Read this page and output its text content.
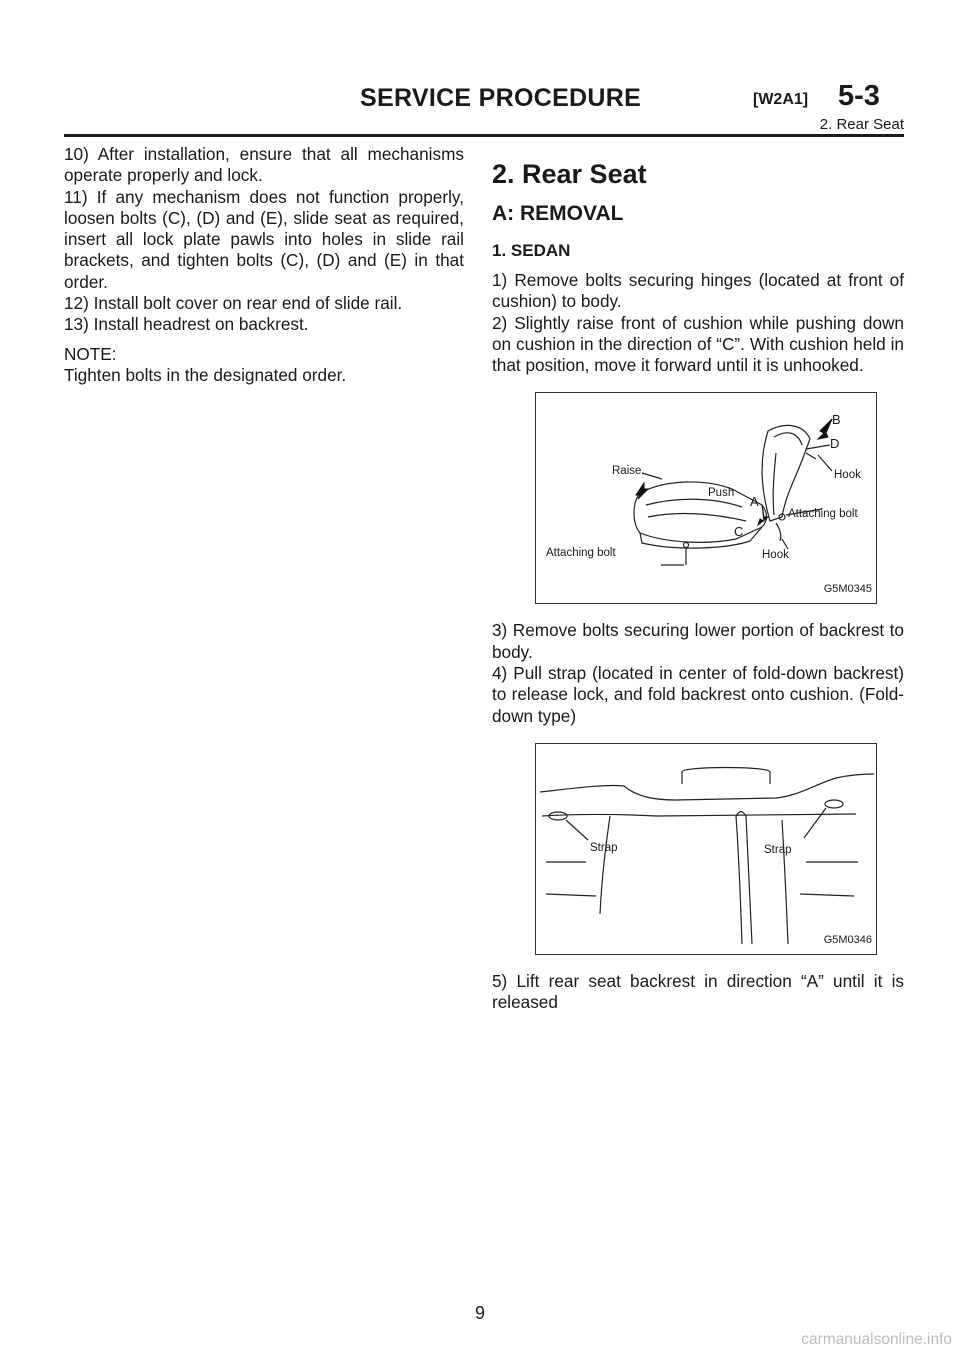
SERVICE PROCEDURE	[W2A1] 5-3
2. Rear Seat

10) After installation, ensure that all mechanisms operate properly and lock.

11) If any mechanism does not function properly, loosen bolts (C), (D) and (E), slide seat as required, insert all lock plate pawls into holes in slide rail brackets, and tighten bolts (C), (D) and (E) in that order.

12) Install bolt cover on rear end of slide rail.

13) Install headrest on backrest.

NOTE:

Tighten bolts in the designated order.

2. Rear Seat
A: REMOVAL
1. SEDAN

1) Remove bolts securing hinges (located at front of cushion) to body.

2) Slightly raise front of cushion while pushing down on cushion in the direction of “C”. With cushion held in that position, move it forward until it is unhooked.

B
D
Hook
Raise
Push
A
Attaching bolt
C
Attaching bolt	Hook
G5M0345

3) Remove bolts securing lower portion of backrest to body.

4) Pull strap (located in center of fold-down backrest) to release lock, and fold backrest onto cushion. (Fold-down type)

Strap	Strap
G5M0346

5) Lift rear seat backrest in direction “A” until it is released

9
carmanualsonline.info
